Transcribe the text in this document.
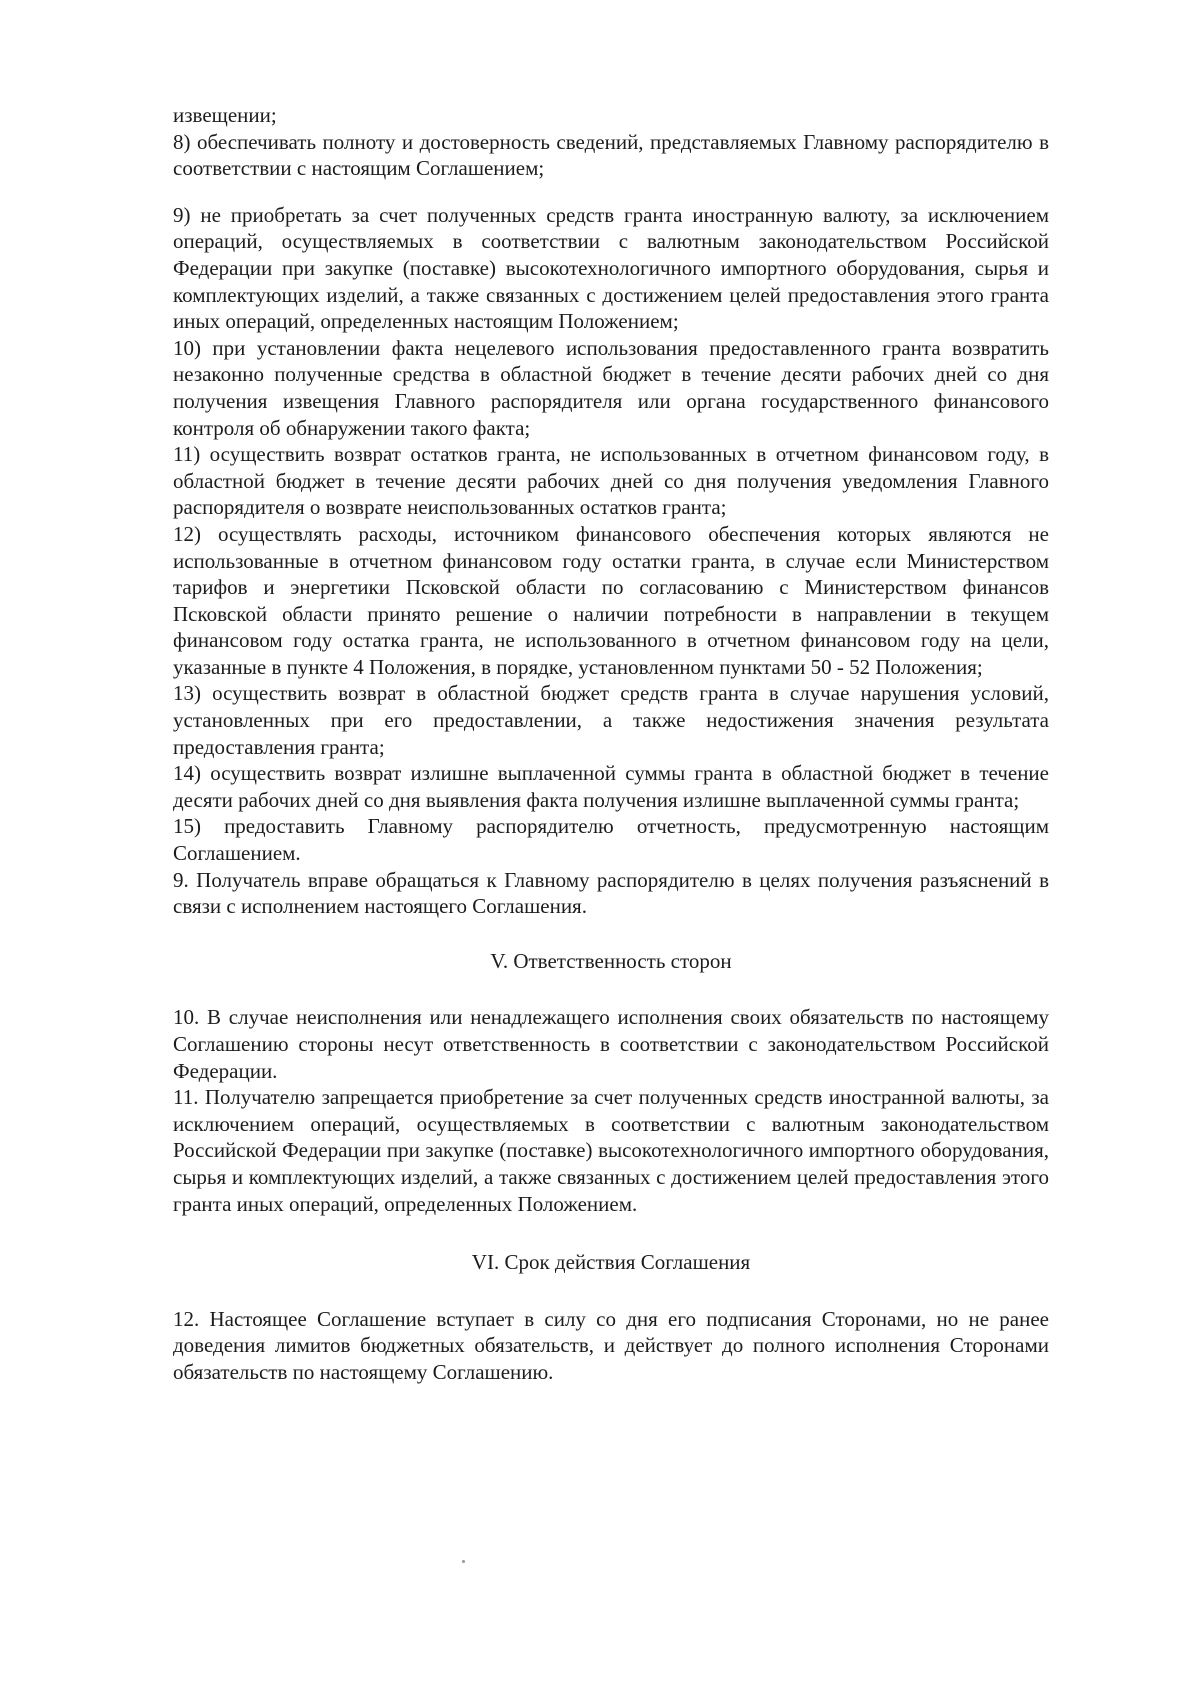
извещении;

8) обеспечивать полноту и достоверность сведений, представляемых Главному распорядителю в соответствии с настоящим Соглашением;

9) не приобретать за счет полученных средств гранта иностранную валюту, за исключением операций, осуществляемых в соответствии с валютным законодательством Российской Федерации при закупке (поставке) высокотехнологичного импортного оборудования, сырья и комплектующих изделий, а также связанных с достижением целей предоставления этого гранта иных операций, определенных настоящим Положением;

10) при установлении факта нецелевого использования предоставленного гранта возвратить незаконно полученные средства в областной бюджет в течение десяти рабочих дней со дня получения извещения Главного распорядителя или органа государственного финансового контроля об обнаружении такого факта;

11) осуществить возврат остатков гранта, не использованных в отчетном финансовом году, в областной бюджет в течение десяти рабочих дней со дня получения уведомления Главного распорядителя о возврате неиспользованных остатков гранта;

12) осуществлять расходы, источником финансового обеспечения которых являются не использованные в отчетном финансовом году остатки гранта, в случае если Министерством тарифов и энергетики Псковской области по согласованию с Министерством финансов Псковской области принято решение о наличии потребности в направлении в текущем финансовом году остатка гранта, не использованного в отчетном финансовом году на цели, указанные в пункте 4 Положения, в порядке, установленном пунктами 50 - 52 Положения;

13) осуществить возврат в областной бюджет средств гранта в случае нарушения условий, установленных при его предоставлении, а также недостижения значения результата предоставления гранта;

14) осуществить возврат излишне выплаченной суммы гранта в областной бюджет в течение десяти рабочих дней со дня выявления факта получения излишне выплаченной суммы гранта;

15) предоставить Главному распорядителю отчетность, предусмотренную настоящим Соглашением.

9. Получатель вправе обращаться к Главному распорядителю в целях получения разъяснений в связи с исполнением настоящего Соглашения.

V. Ответственность сторон

10. В случае неисполнения или ненадлежащего исполнения своих обязательств по настоящему Соглашению стороны несут ответственность в соответствии с законодательством Российской Федерации.

11. Получателю запрещается приобретение за счет полученных средств иностранной валюты, за исключением операций, осуществляемых в соответствии с валютным законодательством Российской Федерации при закупке (поставке) высокотехнологичного импортного оборудования, сырья и комплектующих изделий, а также связанных с достижением целей предоставления этого гранта иных операций, определенных Положением.

VI. Срок действия Соглашения

12. Настоящее Соглашение вступает в силу со дня его подписания Сторонами, но не ранее доведения лимитов бюджетных обязательств, и действует до полного исполнения Сторонами обязательств по настоящему Соглашению.
